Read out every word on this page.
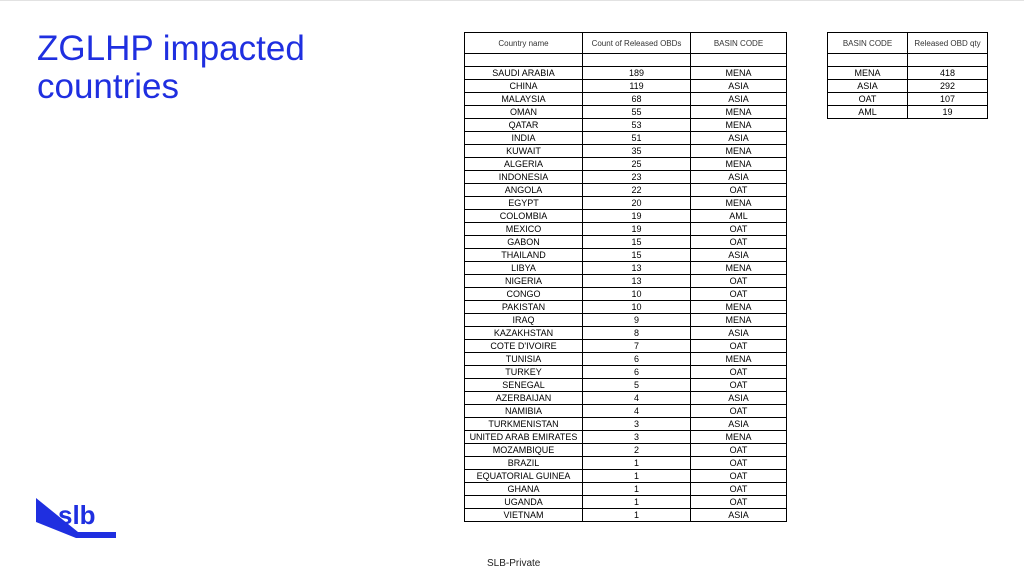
ZGLHP impacted
countries
Country name	Count of Released OBDs	BASIN CODE

SAUDI ARABIA	189	MENA
CHINA	119	ASIA
MALAYSIA	68	ASIA
OMAN	55	MENA
QATAR	53	MENA
INDIA	51	ASIA
KUWAIT	35	MENA
ALGERIA	25	MENA
INDONESIA	23	ASIA
ANGOLA	22	OAT
EGYPT	20	MENA
COLOMBIA	19	AML
MEXICO	19	OAT
GABON	15	OAT
THAILAND	15	ASIA
LIBYA	13	MENA
NIGERIA	13	OAT
CONGO	10	OAT
PAKISTAN	10	MENA
IRAQ	9	MENA
KAZAKHSTAN	8	ASIA
COTE D'IVOIRE	7	OAT
TUNISIA	6	MENA
TURKEY	6	OAT
SENEGAL	5	OAT
AZERBAIJAN	4	ASIA
NAMIBIA	4	OAT
TURKMENISTAN	3	ASIA
UNITED ARAB EMIRATES	3	MENA
MOZAMBIQUE	2	OAT
BRAZIL	1	OAT
EQUATORIAL GUINEA	1	OAT
GHANA	1	OAT
UGANDA	1	OAT
VIETNAM	1	ASIA
BASIN CODE	Released OBD qty

MENA	418
ASIA	292
OAT	107
AML	19
slb
SLB-Private
